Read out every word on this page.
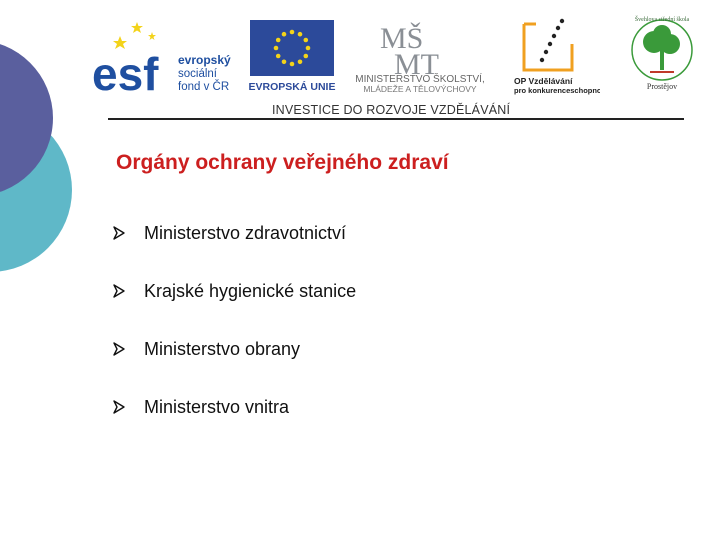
esf evropský
sociální
fond v ČR EVROPSKÁ UNIE
MŠ
MT
MINISTERSTVO ŠKOLSTVÍ,
MLÁDEŽE A TĚLOVÝCHOVY
OP Vzdělávání
pro konkurenceschopnost
Švehlova střední škola
Prostějov
INVESTICE DO ROZVOJE VZDĚLÁVÁNÍ
Orgány ochrany veřejného zdraví
Ministerstvo zdravotnictví
Krajské hygienické stanice
Ministerstvo obrany
Ministerstvo vnitra
